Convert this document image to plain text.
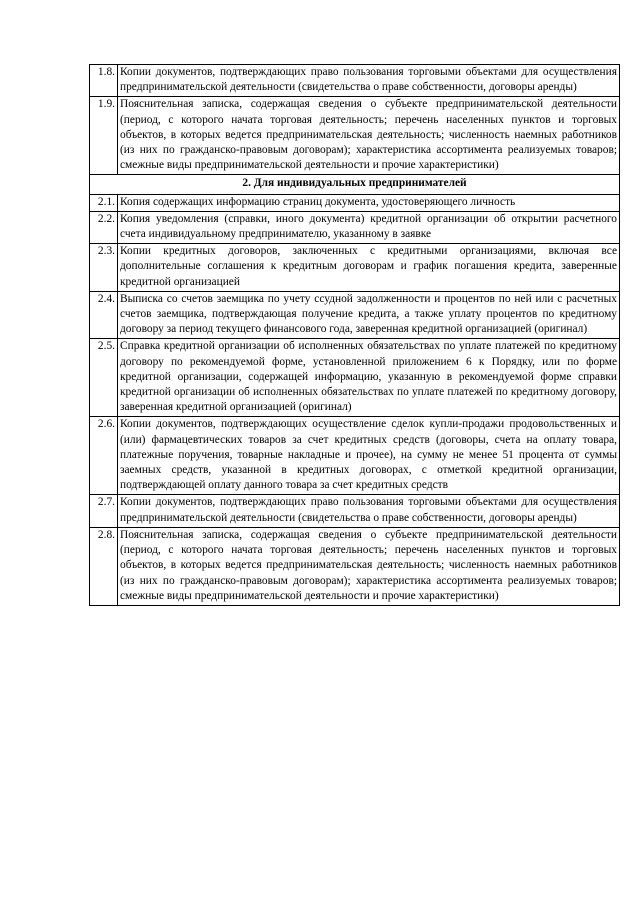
1.8.	Копии документов, подтверждающих право пользования торговыми объектами для осуществления предпринимательской деятельности (свидетельства о праве собственности, договоры аренды)
1.9.	Пояснительная записка, содержащая сведения о субъекте предпринимательской деятельности (период, с которого начата торговая деятельность; перечень населенных пунктов и торговых объектов, в которых ведется предпринимательская деятельность; численность наемных работников (из них по гражданско-правовым договорам); характеристика ассортимента реализуемых товаров; смежные виды предпринимательской деятельности и прочие характеристики)
2. Для индивидуальных предпринимателей	
2.1.	Копия содержащих информацию страниц документа, удостоверяющего личность
2.2.	Копия уведомления (справки, иного документа) кредитной организации об открытии расчетного счета индивидуальному предпринимателю, указанному в заявке
2.3.	Копии кредитных договоров, заключенных с кредитными организациями, включая все дополнительные соглашения к кредитным договорам и график погашения кредита, заверенные кредитной организацией
2.4.	Выписка со счетов заемщика по учету ссудной задолженности и процентов по ней или с расчетных счетов заемщика, подтверждающая получение кредита, а также уплату процентов по кредитному договору за период текущего финансового года, заверенная кредитной организацией (оригинал)
2.5.	Справка кредитной организации об исполненных обязательствах по уплате платежей по кредитному договору по рекомендуемой форме, установленной приложением 6 к Порядку, или по форме кредитной организации, содержащей информацию, указанную в рекомендуемой форме справки кредитной организации об исполненных обязательствах по уплате платежей по кредитному договору, заверенная кредитной организацией (оригинал)
2.6.	Копии документов, подтверждающих осуществление сделок купли-продажи продовольственных и (или) фармацевтических товаров за счет кредитных средств (договоры, счета на оплату товара, платежные поручения, товарные накладные и прочее), на сумму не менее 51 процента от суммы заемных средств, указанной в кредитных договорах, с отметкой кредитной организации, подтверждающей оплату данного товара за счет кредитных средств
2.7.	Копии документов, подтверждающих право пользования торговыми объектами для осуществления предпринимательской деятельности (свидетельства о праве собственности, договоры аренды)
2.8.	Пояснительная записка, содержащая сведения о субъекте предпринимательской деятельности (период, с которого начата торговая деятельность; перечень населенных пунктов и торговых объектов, в которых ведется предпринимательская деятельность; численность наемных работников (из них по гражданско-правовым договорам); характеристика ассортимента реализуемых товаров; смежные виды предпринимательской деятельности и прочие характеристики)
